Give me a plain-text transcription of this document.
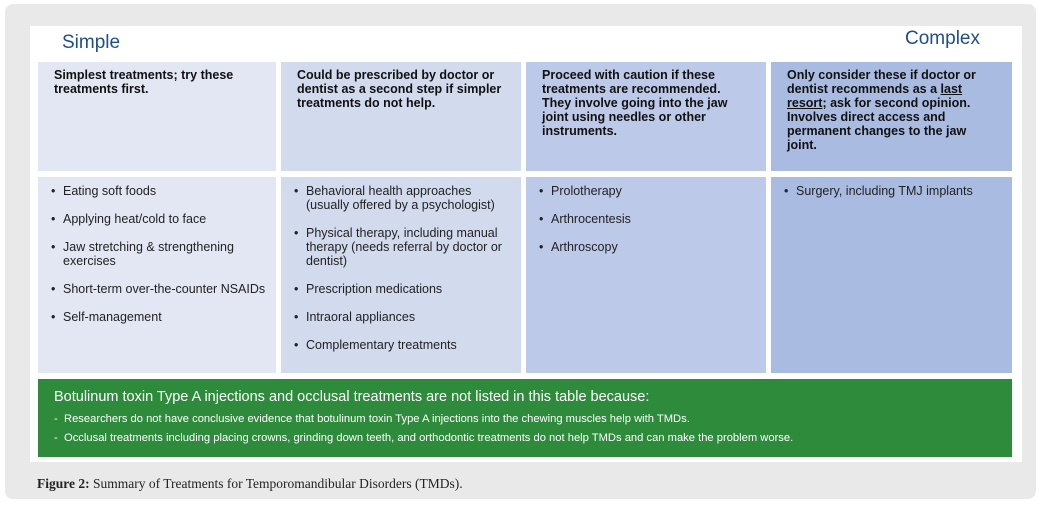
Simple	Complex
Simplest treatments; try these treatments first.
Could be prescribed by doctor or dentist as a second step if simpler treatments do not help.
Proceed with caution if these treatments are recommended. They involve going into the jaw joint using needles or other instruments.
Only consider these if doctor or dentist recommends as a last resort; ask for second opinion. Involves direct access and permanent changes to the jaw joint.
• Eating soft foods
• Applying heat/cold to face
• Jaw stretching & strengthening exercises
• Short-term over-the-counter NSAIDs
• Self-management
• Behavioral health approaches (usually offered by a psychologist)
• Physical therapy, including manual therapy (needs referral by doctor or dentist)
• Prescription medications
• Intraoral appliances
• Complementary treatments
• Prolotherapy
• Arthrocentesis
• Arthroscopy
• Surgery, including TMJ implants
Botulinum toxin Type A injections and occlusal treatments are not listed in this table because:
- Researchers do not have conclusive evidence that botulinum toxin Type A injections into the chewing muscles help with TMDs.
- Occlusal treatments including placing crowns, grinding down teeth, and orthodontic treatments do not help TMDs and can make the problem worse.
Figure 2: Summary of Treatments for Temporomandibular Disorders (TMDs).
